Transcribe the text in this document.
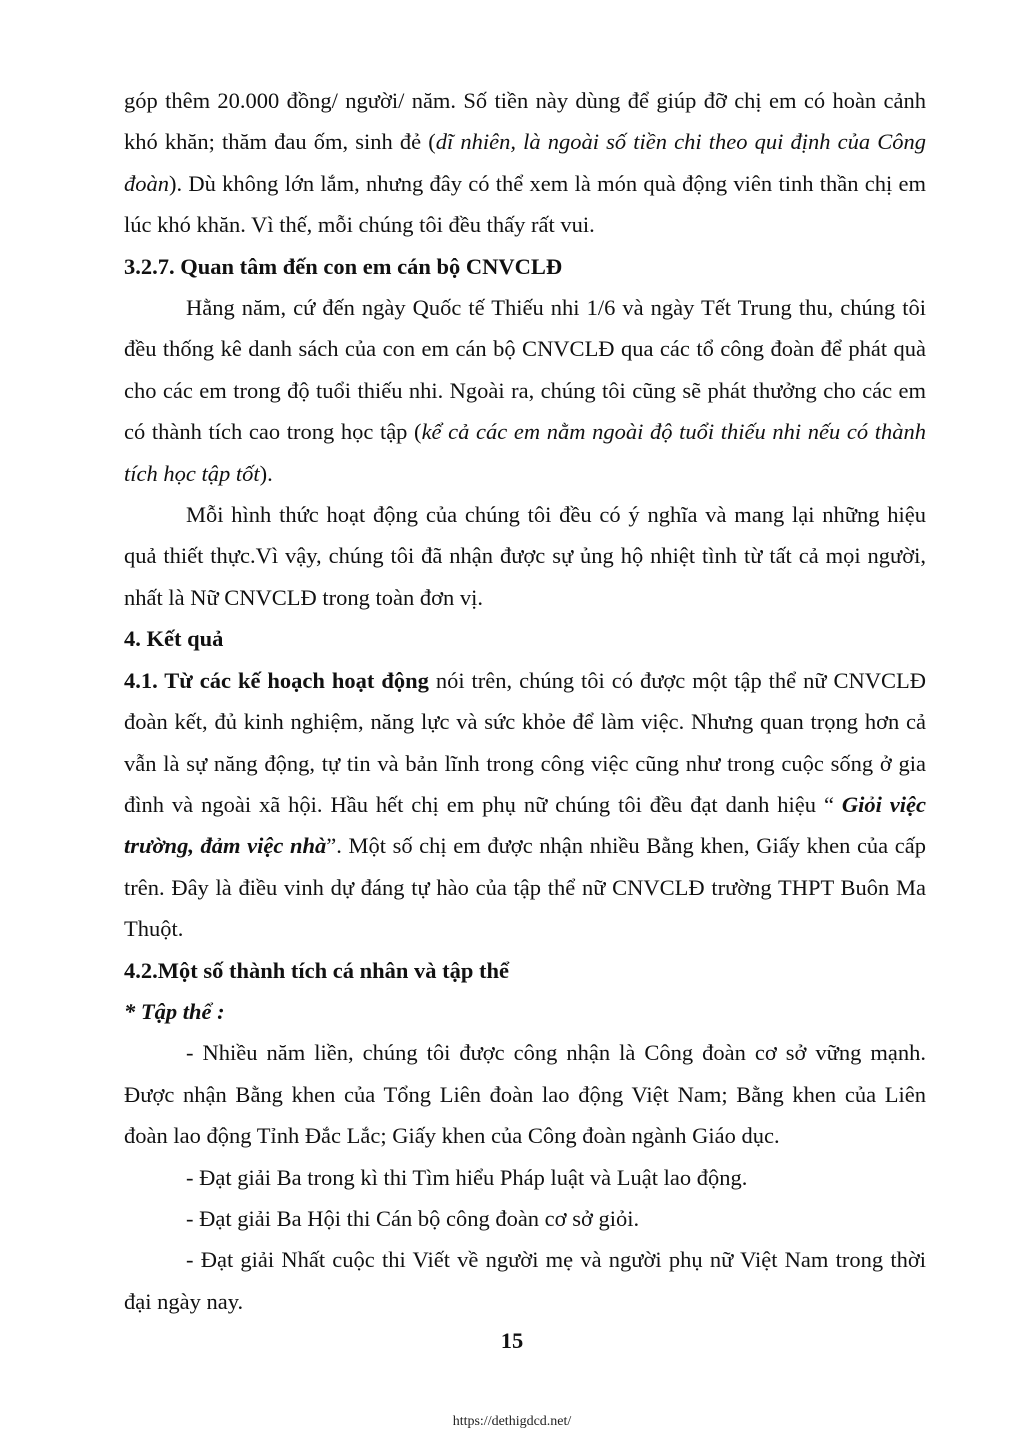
góp thêm 20.000 đồng/ người/ năm. Số tiền này dùng để giúp đỡ chị em có hoàn cảnh khó khăn; thăm đau ốm, sinh đẻ (dĩ nhiên, là ngoài số tiền chi theo qui định của Công đoàn). Dù không lớn lắm, nhưng đây có thể xem là món quà động viên tinh thần chị em lúc khó khăn. Vì thế, mỗi chúng tôi đều thấy rất vui.

3.2.7. Quan tâm đến con em cán bộ CNVCLĐ

Hằng năm, cứ đến ngày Quốc tế Thiếu nhi 1/6 và ngày Tết Trung thu, chúng tôi đều thống kê danh sách của con em cán bộ CNVCLĐ qua các tổ công đoàn để phát quà cho các em trong độ tuổi thiếu nhi. Ngoài ra, chúng tôi cũng sẽ phát thưởng cho các em có thành tích cao trong học tập (kể cả các em nằm ngoài độ tuổi thiếu nhi nếu có thành tích học tập tốt).

Mỗi hình thức hoạt động của chúng tôi đều có ý nghĩa và mang lại những hiệu quả thiết thực.Vì vậy, chúng tôi đã nhận được sự ủng hộ nhiệt tình từ tất cả mọi người, nhất là Nữ CNVCLĐ trong toàn đơn vị.

4. Kết quả

4.1. Từ các kế hoạch hoạt động nói trên, chúng tôi có được một tập thể nữ CNVCLĐ đoàn kết, đủ kinh nghiệm, năng lực và sức khỏe để làm việc. Nhưng quan trọng hơn cả vẫn là sự năng động, tự tin và bản lĩnh trong công việc cũng như trong cuộc sống ở gia đình và ngoài xã hội. Hầu hết chị em phụ nữ chúng tôi đều đạt danh hiệu “ Giỏi việc trường, đảm việc nhà”. Một số chị em được nhận nhiều Bằng khen, Giấy khen của cấp trên. Đây là điều vinh dự đáng tự hào của tập thể nữ CNVCLĐ trường THPT Buôn Ma Thuột.

4.2.Một số thành tích cá nhân và tập thể

* Tập thể :

- Nhiều năm liền, chúng tôi được công nhận là Công đoàn cơ sở vững mạnh. Được nhận Bằng khen của Tổng Liên đoàn lao động Việt Nam; Bằng khen của Liên đoàn lao động Tỉnh Đắc Lắc; Giấy khen của Công đoàn ngành Giáo dục.

- Đạt giải Ba trong kì thi Tìm hiểu Pháp luật và Luật lao động.

- Đạt giải Ba Hội thi Cán bộ công đoàn cơ sở giỏi.

- Đạt giải Nhất cuộc thi Viết về người mẹ và người phụ nữ Việt Nam trong thời đại ngày nay.

15
https://dethigdcd.net/
